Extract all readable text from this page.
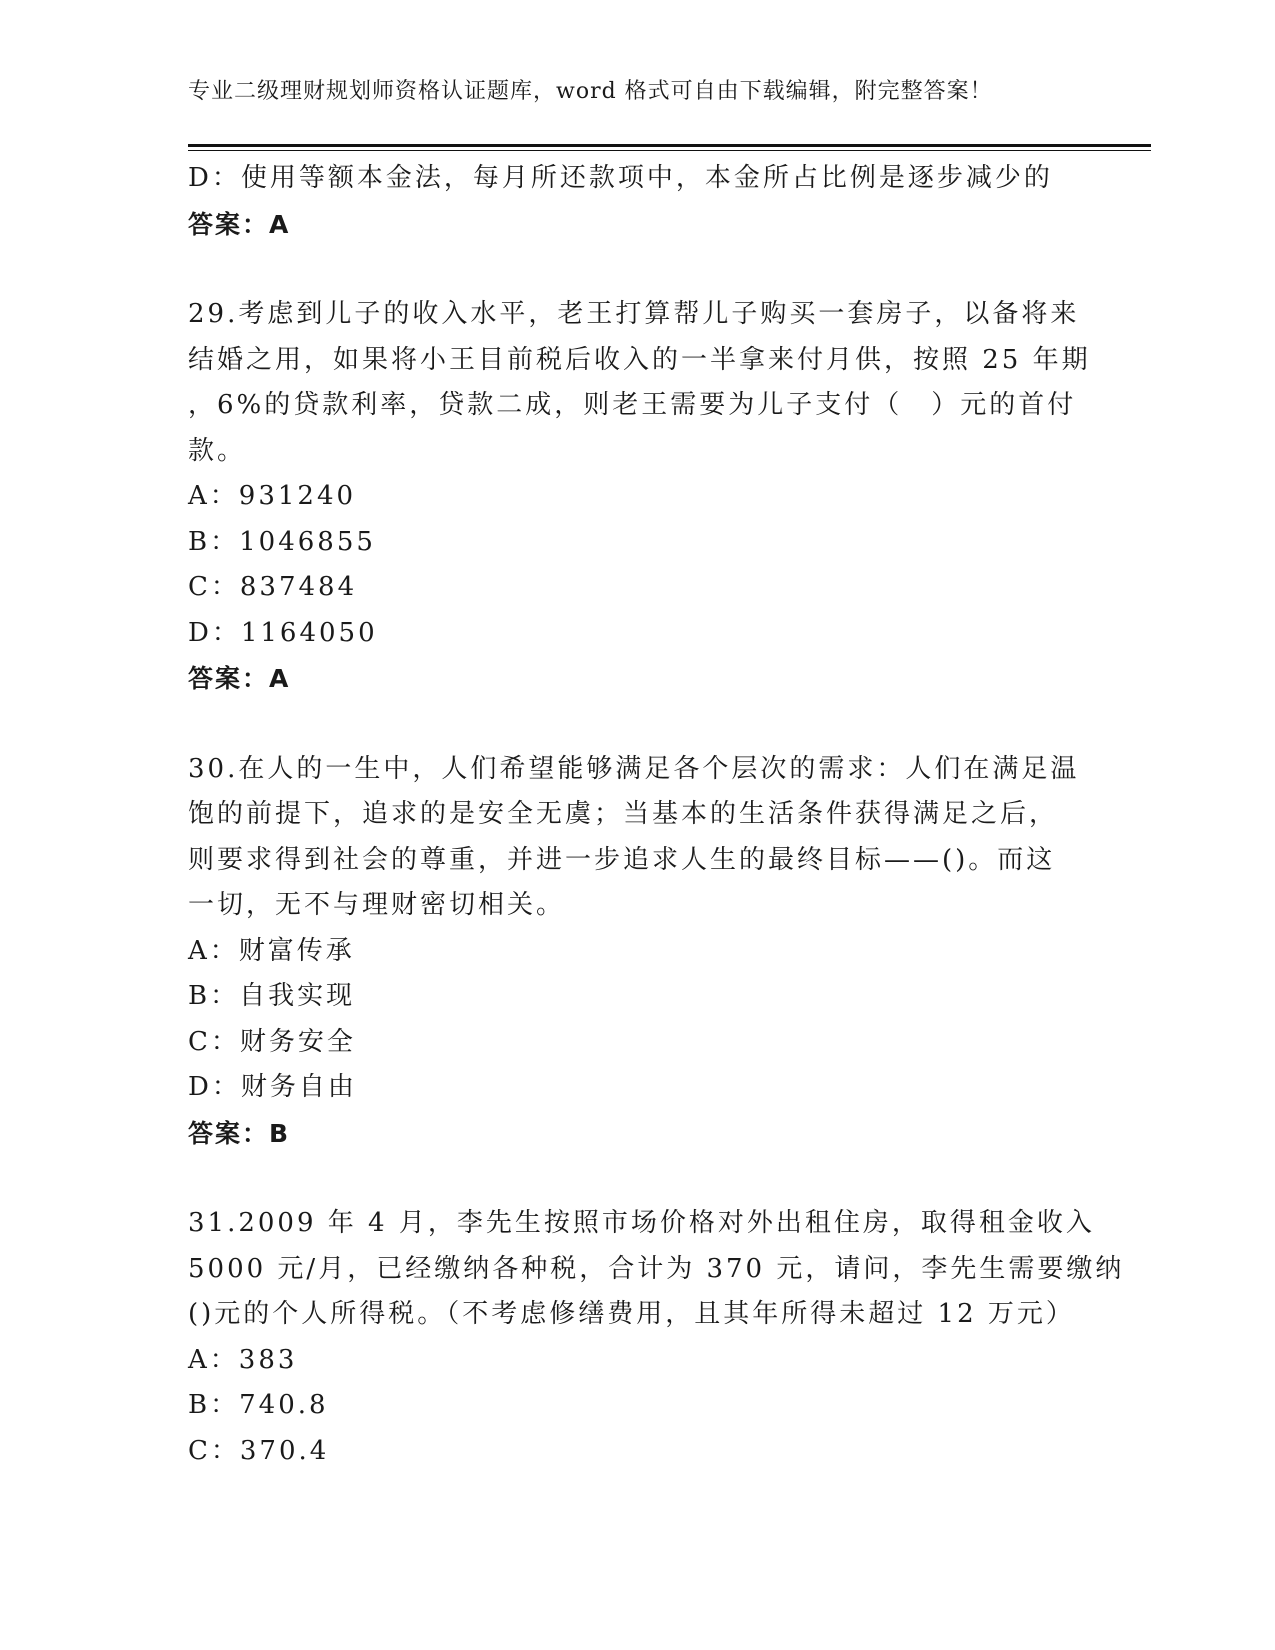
专业二级理财规划师资格认证题库，word 格式可自由下载编辑，附完整答案！
D：使用等额本金法，每月所还款项中，本金所占比例是逐步减少的
答案：A
29.考虑到儿子的收入水平，老王打算帮儿子购买一套房子，以备将来
结婚之用，如果将小王目前税后收入的一半拿来付月供，按照 25 年期
，6%的贷款利率，贷款二成，则老王需要为儿子支付（　）元的首付
款。
A：931240
B：1046855
C：837484
D：1164050
答案：A
30.在人的一生中，人们希望能够满足各个层次的需求：人们在满足温
饱的前提下，追求的是安全无虞；当基本的生活条件获得满足之后，
则要求得到社会的尊重，并进一步追求人生的最终目标——()。而这
一切，无不与理财密切相关。
A：财富传承
B：自我实现
C：财务安全
D：财务自由
答案：B
31.2009 年 4 月，李先生按照市场价格对外出租住房，取得租金收入
5000 元/月，已经缴纳各种税，合计为 370 元，请问，李先生需要缴纳
()元的个人所得税。（不考虑修缮费用，且其年所得未超过 12 万元）
A：383
B：740.8
C：370.4
